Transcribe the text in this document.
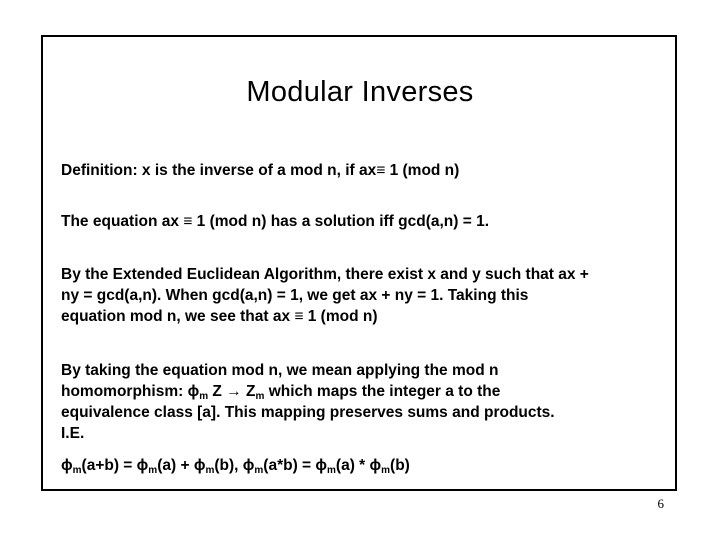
Modular Inverses
Definition: x is the inverse of a mod n, if ax≡ 1 (mod n)
The equation ax ≡ 1 (mod n) has a solution iff gcd(a,n) = 1.
By the Extended Euclidean Algorithm, there exist x and y such that ax +
ny = gcd(a,n). When gcd(a,n) = 1, we get ax + ny = 1. Taking this
equation mod n, we see that ax ≡ 1 (mod n)
By taking the equation mod n, we mean applying the mod n
homomorphism: $\phi_m$ $Z \to Z_m$ which maps the integer a to the
equivalence class [a]. This mapping preserves sums and products.
I.E.
$\phi_m(a+b) = \phi_m(a) + \phi_m(b)$, $\phi_m(a*b) = \phi_m(a) * \phi_m(b)$
6
